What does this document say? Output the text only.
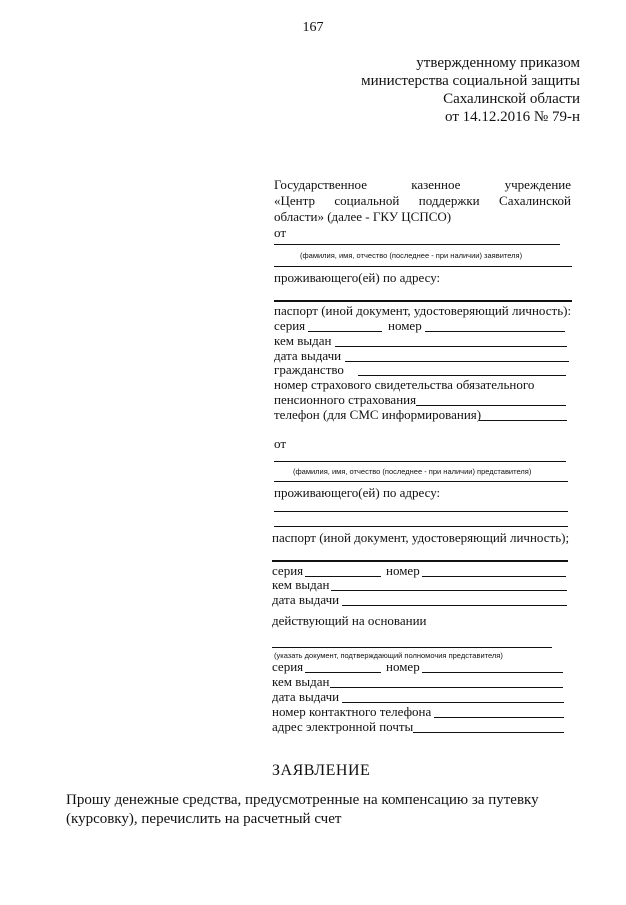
167
утвержденному приказом
министерства социальной защиты
Сахалинской области
от 14.12.2016 № 79-н
Государственное	казенное	учреждение
«Центр социальной поддержки Сахалинской
области» (далее - ГКУ ЦСПСО)
от
(фамилия, имя, отчество (последнее - при наличии) заявителя)
проживающего(ей) по адресу:
паспорт (иной документ, удостоверяющий личность):
серия	номер
кем выдан
дата выдачи
гражданство
номер страхового свидетельства обязательного
пенсионного страхования
телефон (для СМС информирования)
от
(фамилия, имя, отчество (последнее - при наличии) представителя)
проживающего(ей) по адресу:
паспорт (иной документ, удостоверяющий личность);
серия	номер
кем выдан
дата выдачи
действующий на основании
(указать документ, подтверждающий полномочия представителя)
серия	номер
кем выдан
дата выдачи
номер контактного телефона
адрес электронной почты
ЗАЯВЛЕНИЕ
Прошу денежные средства, предусмотренные на компенсацию за путевку (курсовку), перечислить на расчетный счет
